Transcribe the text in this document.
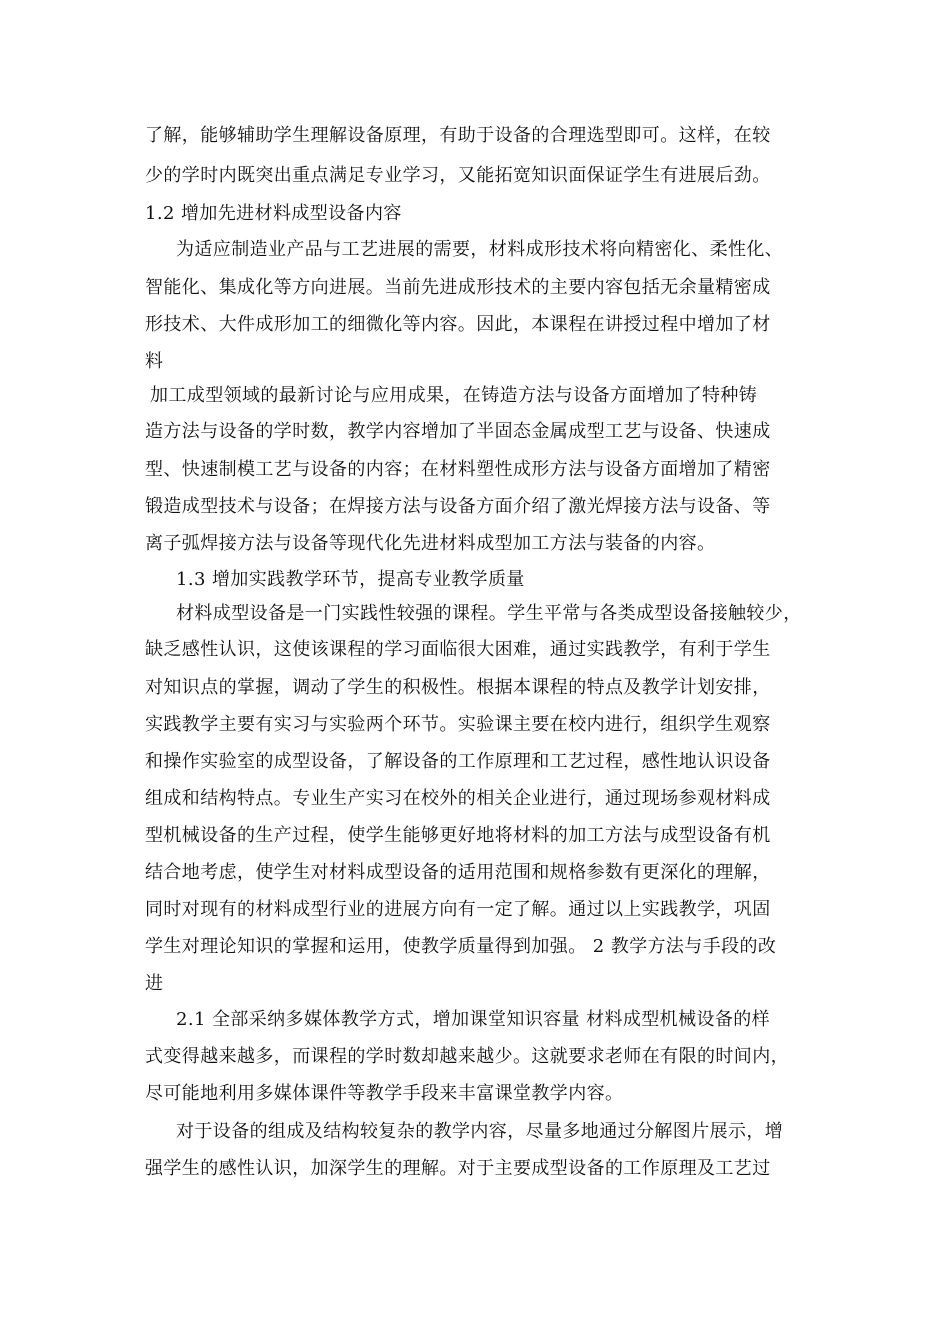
了解，能够辅助学生理解设备原理，有助于设备的合理选型即可。这样，在较
少的学时内既突出重点满足专业学习，又能拓宽知识面保证学生有进展后劲。
1.2 增加先进材料成型设备内容
为适应制造业产品与工艺进展的需要，材料成形技术将向精密化、柔性化、
智能化、集成化等方向进展。当前先进成形技术的主要内容包括无余量精密成
形技术、大件成形加工的细微化等内容。因此，本课程在讲授过程中增加了材
料
加工成型领域的最新讨论与应用成果，在铸造方法与设备方面增加了特种铸
造方法与设备的学时数，教学内容增加了半固态金属成型工艺与设备、快速成
型、快速制模工艺与设备的内容；在材料塑性成形方法与设备方面增加了精密
锻造成型技术与设备；在焊接方法与设备方面介绍了激光焊接方法与设备、等
离子弧焊接方法与设备等现代化先进材料成型加工方法与装备的内容。
1.3 增加实践教学环节，提高专业教学质量
材料成型设备是一门实践性较强的课程。学生平常与各类成型设备接触较少，
缺乏感性认识，这使该课程的学习面临很大困难，通过实践教学，有利于学生
对知识点的掌握，调动了学生的积极性。根据本课程的特点及教学计划安排，
实践教学主要有实习与实验两个环节。实验课主要在校内进行，组织学生观察
和操作实验室的成型设备，了解设备的工作原理和工艺过程，感性地认识设备
组成和结构特点。专业生产实习在校外的相关企业进行，通过现场参观材料成
型机械设备的生产过程，使学生能够更好地将材料的加工方法与成型设备有机
结合地考虑，使学生对材料成型设备的适用范围和规格参数有更深化的理解，
同时对现有的材料成型行业的进展方向有一定了解。通过以上实践教学，巩固
学生对理论知识的掌握和运用，使教学质量得到加强。 2 教学方法与手段的改
进
2.1 全部采纳多媒体教学方式，增加课堂知识容量 材料成型机械设备的样
式变得越来越多，而课程的学时数却越来越少。这就要求老师在有限的时间内，
尽可能地利用多媒体课件等教学手段来丰富课堂教学内容。
对于设备的组成及结构较复杂的教学内容，尽量多地通过分解图片展示，增
强学生的感性认识，加深学生的理解。对于主要成型设备的工作原理及工艺过
